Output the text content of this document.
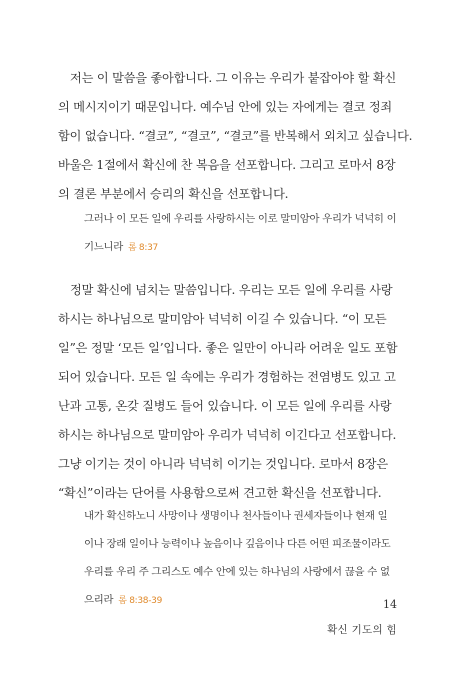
저는 이 말씀을 좋아합니다. 그 이유는 우리가 붙잡아야 할 확신
의 메시지이기 때문입니다. 예수님 안에 있는 자에게는 결코 정죄
함이 없습니다. “결코”, “결코”, “결코”를 반복해서 외치고 싶습니다.
바울은 1절에서 확신에 찬 복음을 선포합니다. 그리고 로마서 8장
의 결론 부분에서 승리의 확신을 선포합니다.

그러나 이 모든 일에 우리를 사랑하시는 이로 말미암아 우리가 넉넉히 이
기느니라 롬 8:37

정말 확신에 넘치는 말씀입니다. 우리는 모든 일에 우리를 사랑
하시는 하나님으로 말미암아 넉넉히 이길 수 있습니다. “이 모든
일”은 정말 ‘모든 일’입니다. 좋은 일만이 아니라 어려운 일도 포함
되어 있습니다. 모든 일 속에는 우리가 경험하는 전염병도 있고 고
난과 고통, 온갖 질병도 들어 있습니다. 이 모든 일에 우리를 사랑
하시는 하나님으로 말미암아 우리가 넉넉히 이긴다고 선포합니다.
그냥 이기는 것이 아니라 넉넉히 이기는 것입니다. 로마서 8장은
“확신”이라는 단어를 사용함으로써 견고한 확신을 선포합니다.

내가 확신하노니 사망이나 생명이나 천사들이나 권세자들이나 현재 일
이나 장래 일이나 능력이나 높음이나 깊음이나 다른 어떤 피조물이라도
우리를 우리 주 그리스도 예수 안에 있는 하나님의 사랑에서 끊을 수 없
으리라 롬 8:38-39	14
확신 기도의 힘
